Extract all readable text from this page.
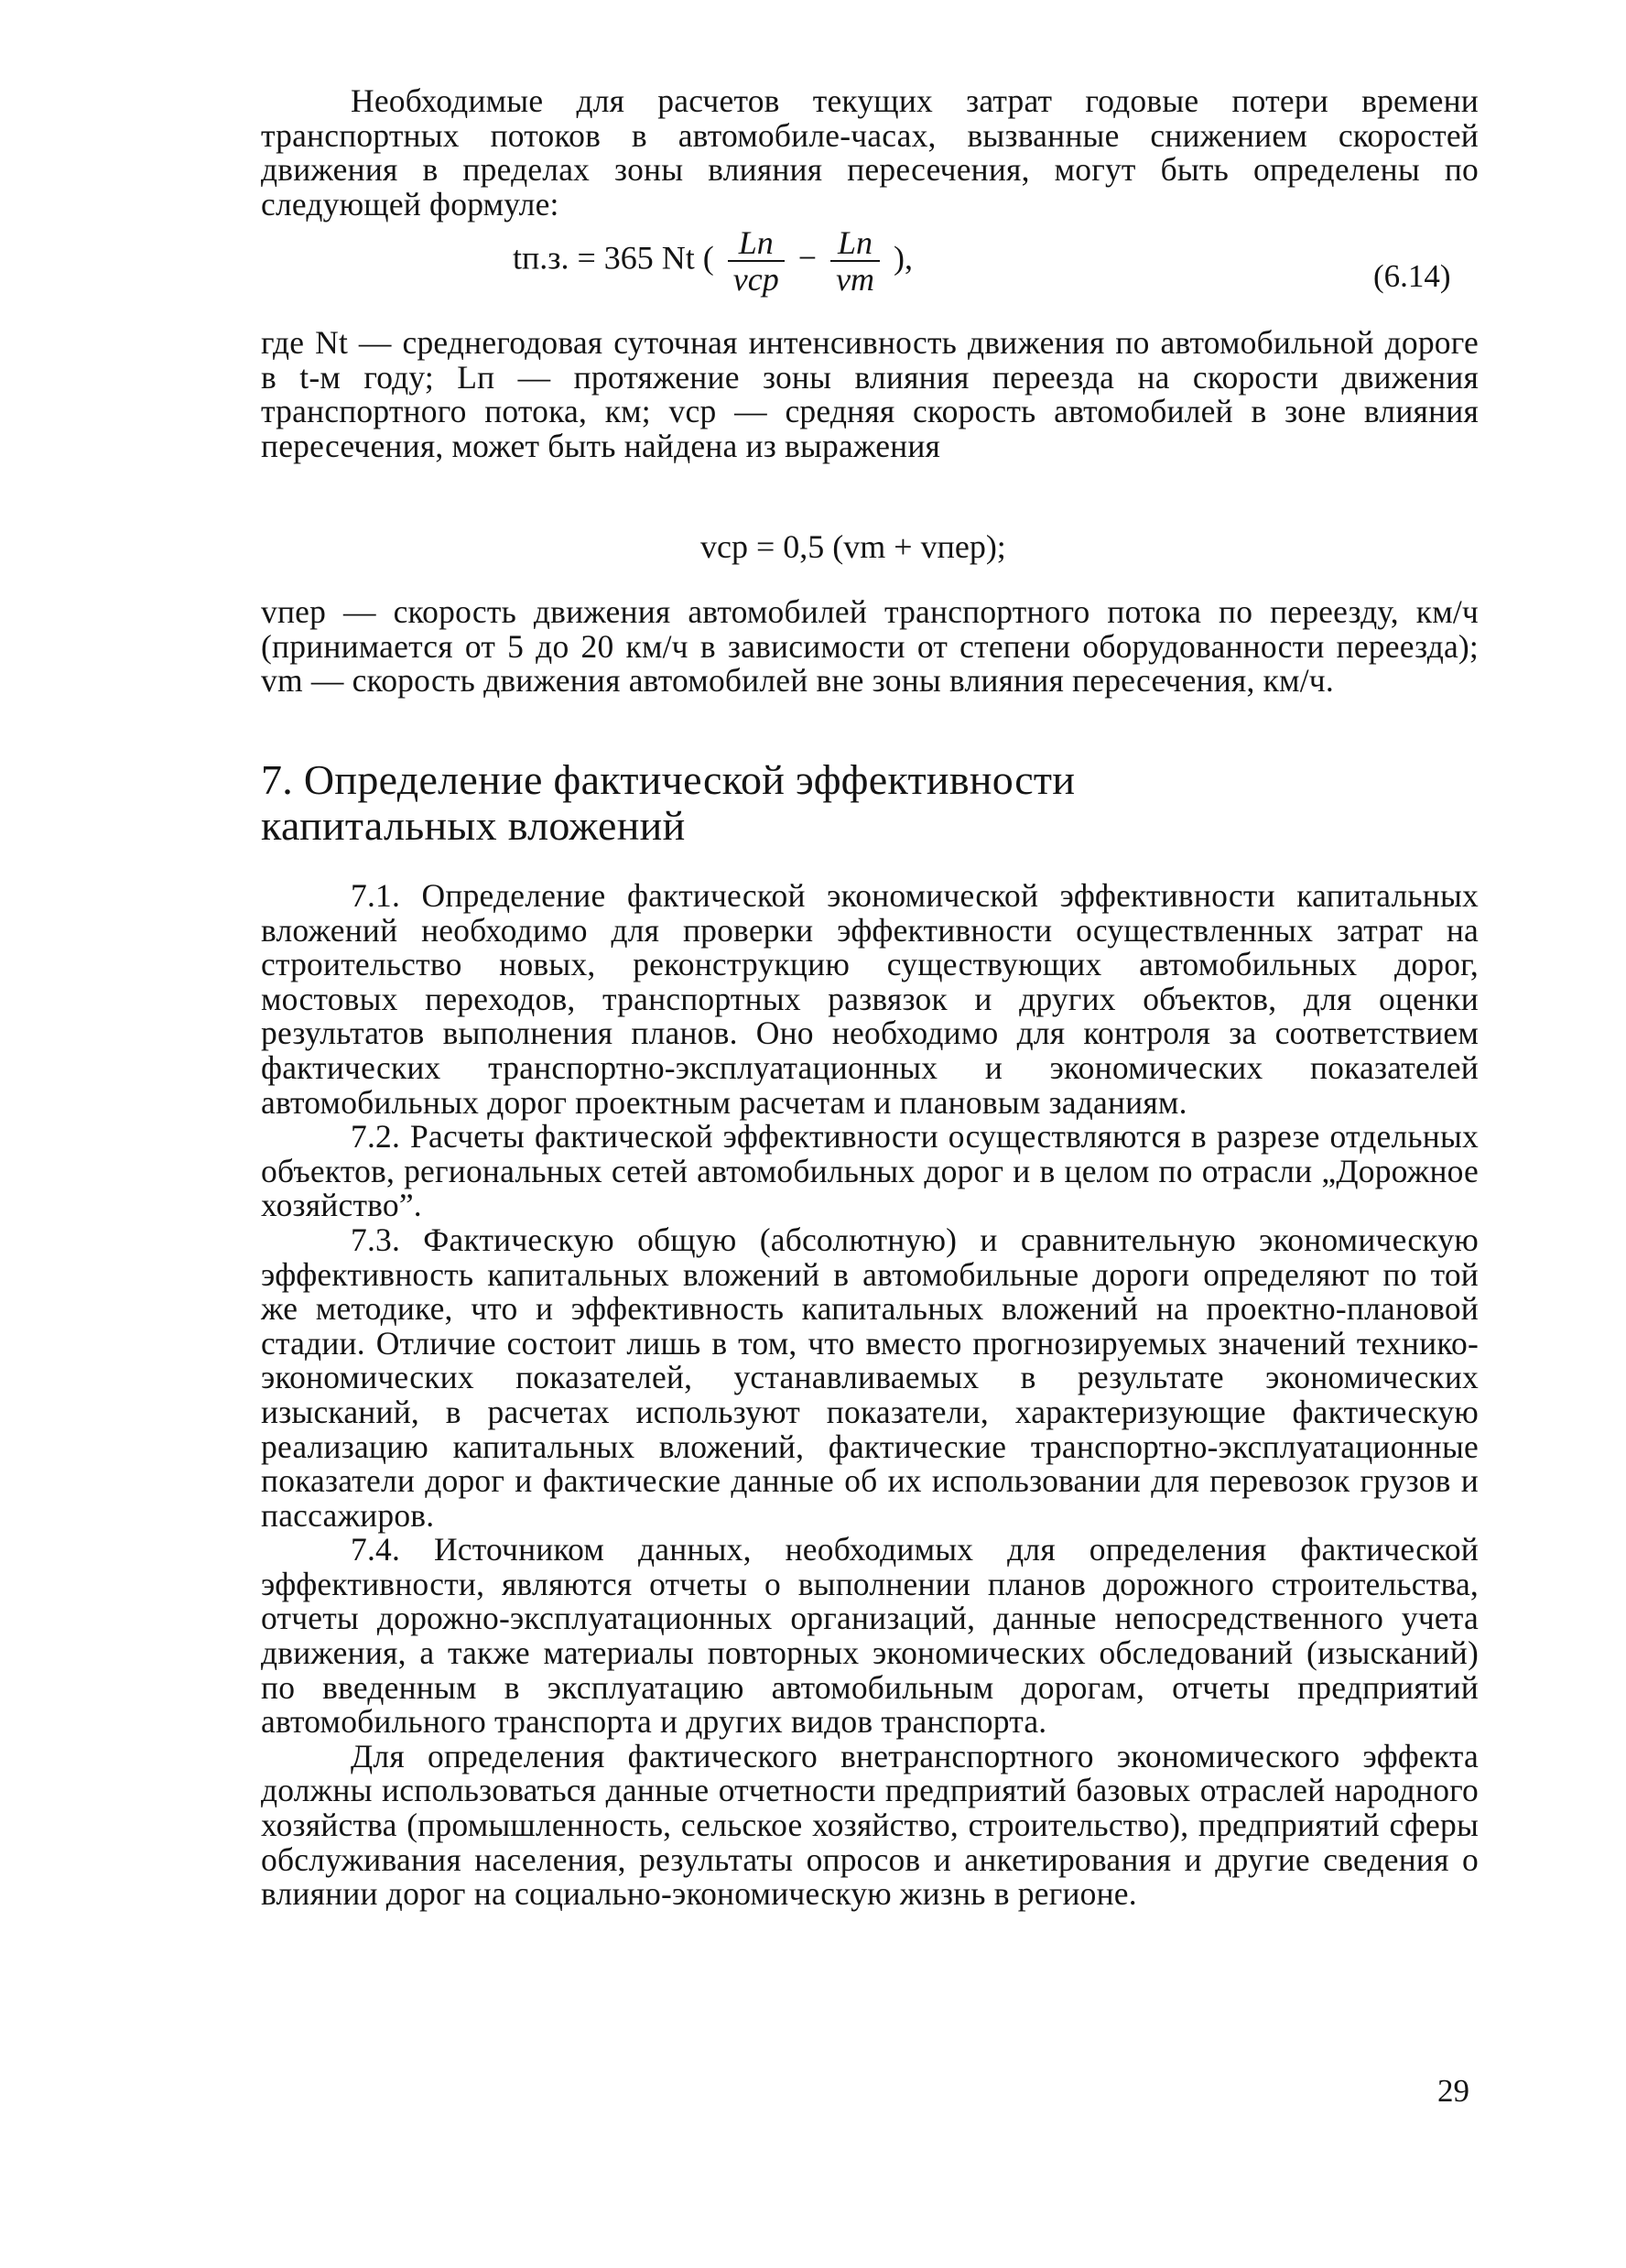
Необходимые для расчетов текущих затрат годовые потери времени транспортных потоков в автомобиле-часах, вызванные снижением скоростей движения в пределах зоны влияния пересечения, могут быть определены по следующей формуле:

tп.з. = 365 Nt ( $\frac{Lп}{\text{vср}} - \frac{Lп}{vm}$ ),
(6.14)

где Nt — среднегодовая суточная интенсивность движения по автомобильной дороге в t-м году; Lп — протяжение зоны влияния переезда на скорости движения транспортного потока, км; vср — средняя скорость автомобилей в зоне влияния пересечения, может быть найдена из выражения

vср = 0,5 (vm + vпер);

vпер — скорость движения автомобилей транспортного потока по переезду, км/ч (принимается от 5 до 20 км/ч в зависимости от степени оборудованности переезда); vm — скорость движения автомобилей вне зоны влияния пересечения, км/ч.

7. Определение фактической эффективности
капитальных вложений

7.1. Определение фактической экономической эффективности капитальных вложений необходимо для проверки эффективности осуществленных затрат на строительство новых, реконструкцию существующих автомобильных дорог, мостовых переходов, транспортных развязок и других объектов, для оценки результатов выполнения планов. Оно необходимо для контроля за соответствием фактических транспортно-эксплуатационных и экономических показателей автомобильных дорог проектным расчетам и плановым заданиям.

7.2. Расчеты фактической эффективности осуществляются в разрезе отдельных объектов, региональных сетей автомобильных дорог и в целом по отрасли „Дорожное хозяйство”.

7.3. Фактическую общую (абсолютную) и сравнительную экономическую эффективность капитальных вложений в автомобильные дороги определяют по той же методике, что и эффективность капитальных вложений на проектно-плановой стадии. Отличие состоит лишь в том, что вместо прогнозируемых значений технико-экономических показателей, устанавливаемых в результате экономических изысканий, в расчетах используют показатели, характеризующие фактическую реализацию капитальных вложений, фактические транспортно-эксплуатационные показатели дорог и фактические данные об их использовании для перевозок грузов и пассажиров.

7.4. Источником данных, необходимых для определения фактической эффективности, являются отчеты о выполнении планов дорожного строительства, отчеты дорожно-эксплуатационных организаций, данные непосредственного учета движения, а также материалы повторных экономических обследований (изысканий) по введенным в эксплуатацию автомобильным дорогам, отчеты предприятий автомобильного транспорта и других видов транспорта.

Для определения фактического внетранспортного экономического эффекта должны использоваться данные отчетности предприятий базовых отраслей народного хозяйства (промышленность, сельское хозяйство, строительство), предприятий сферы обслуживания населения, результаты опросов и анкетирования и другие сведения о влиянии дорог на социально-экономическую жизнь в регионе.

29
